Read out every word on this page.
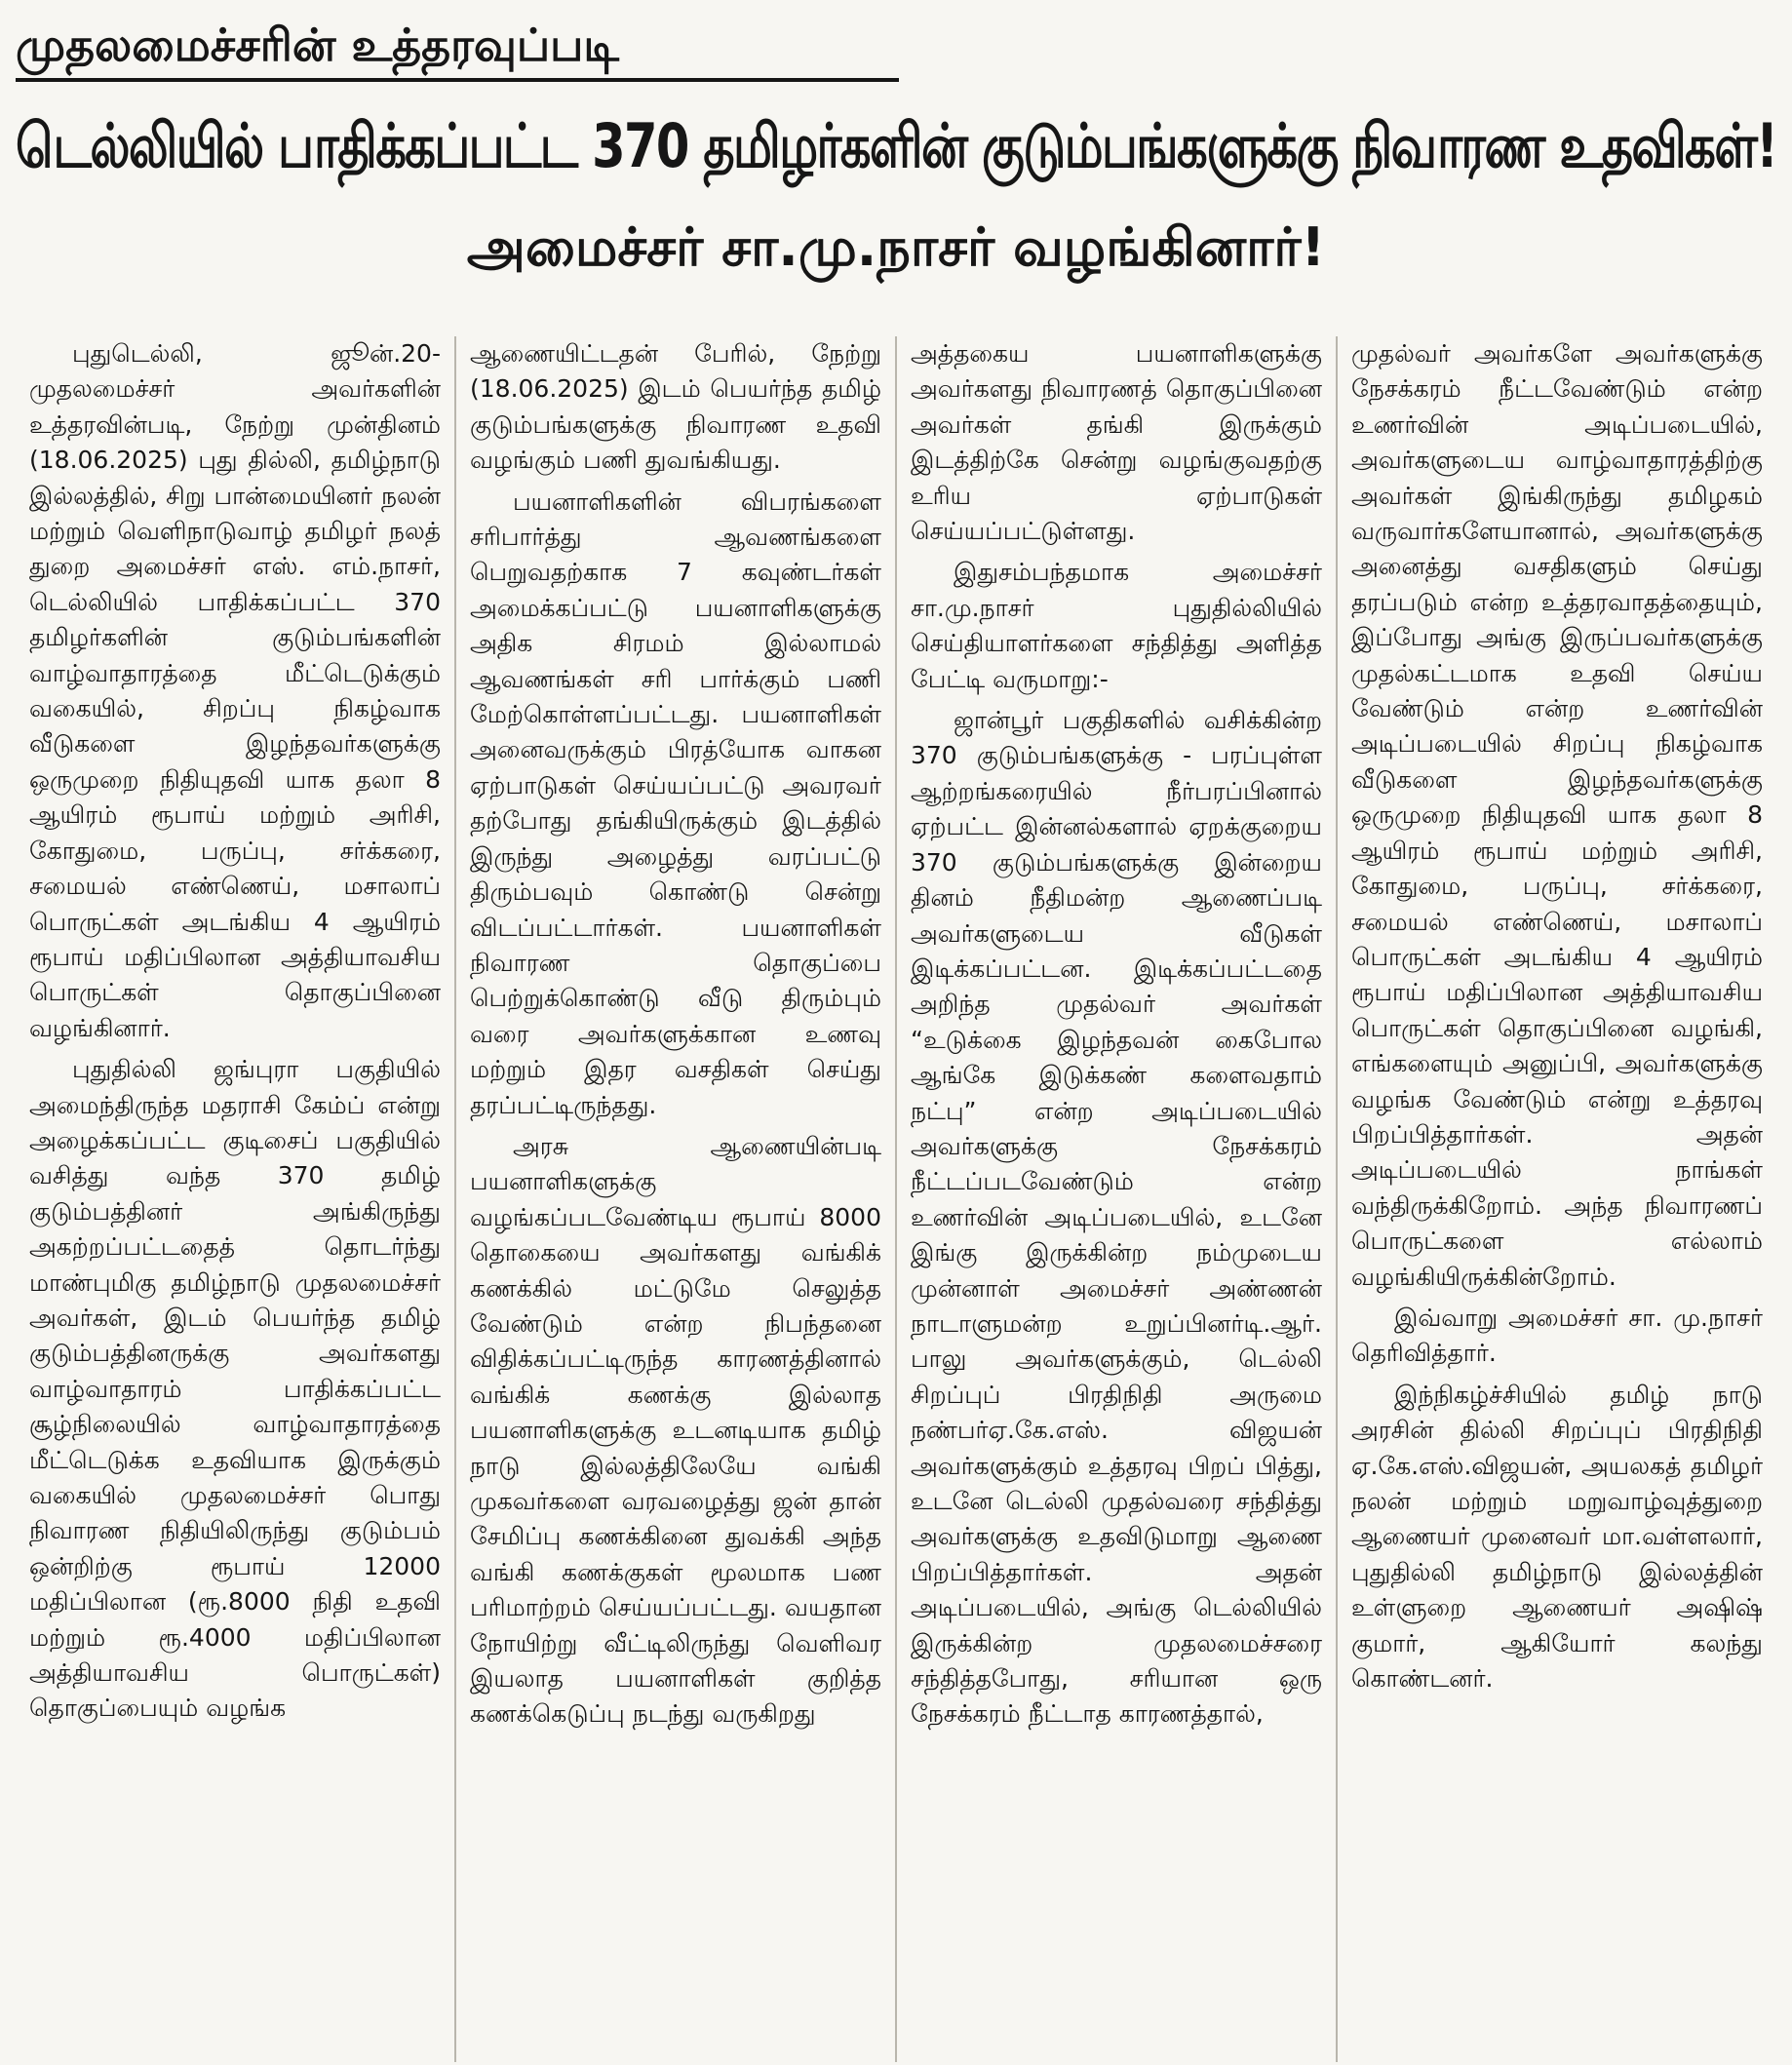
முதலமைச்சரின் உத்தரவுப்படி டெல்லியில் பாதிக்கப்பட்ட 370 தமிழர்களின் குடும்பங்களுக்கு நிவாரண உதவிகள்!
அமைச்சர் சா.மு.நாசர் வழங்கினார்!

புதுடெல்லி, ஜூன்.20- முதலமைச்சர் அவர்களின் உத்தரவின்படி, நேற்று முன்தினம் (18.06.2025) புது தில்லி, தமிழ்நாடு இல்லத்தில், சிறு பான்மையினர் நலன் மற்றும் வெளிநாடுவாழ் தமிழர் நலத் துறை அமைச்சர் எஸ். எம்.நாசர், டெல்லியில் பாதிக்கப்பட்ட 370 தமிழர்களின் குடும்பங்களின் வாழ்வாதாரத்தை மீட்டெடுக்கும் வகையில், சிறப்பு நிகழ்வாக வீடுகளை இழந்தவர்களுக்கு ஒருமுறை நிதியுதவி யாக தலா 8 ஆயிரம் ரூபாய் மற்றும் அரிசி, கோதுமை, பருப்பு, சர்க்கரை, சமையல் எண்ணெய், மசாலாப் பொருட்கள் அடங்கிய 4 ஆயிரம் ரூபாய் மதிப்பிலான அத்தியாவசிய பொருட்கள் தொகுப்பினை வழங்கினார்.

புதுதில்லி ஜங்புரா பகுதியில் அமைந்திருந்த மதராசி கேம்ப் என்று அழைக்கப்பட்ட குடிசைப் பகுதியில் வசித்து வந்த 370 தமிழ் குடும்பத்தினர் அங்கிருந்து அகற்றப்பட்டதைத் தொடர்ந்து மாண்புமிகு தமிழ்நாடு முதலமைச்சர் அவர்கள், இடம் பெயர்ந்த தமிழ் குடும்பத்தினருக்கு அவர்களது வாழ்வாதாரம் பாதிக்கப்பட்ட சூழ்நிலையில் வாழ்வாதாரத்தை மீட்டெடுக்க உதவியாக இருக்கும் வகையில் முதலமைச்சர் பொது நிவாரண நிதியிலிருந்து குடும்பம் ஒன்றிற்கு ரூபாய் 12000 மதிப்பிலான (ரூ.8000 நிதி உதவி மற்றும் ரூ.4000 மதிப்பிலான அத்தியாவசிய பொருட்கள்) தொகுப்பையும் வழங்க

ஆணையிட்டதன் பேரில், நேற்று (18.06.2025) இடம் பெயர்ந்த தமிழ் குடும்பங்களுக்கு நிவாரண உதவி வழங்கும் பணி துவங்கியது.

பயனாளிகளின் விபரங்களை சரிபார்த்து ஆவணங்களை பெறுவதற்காக 7 கவுண்டர்கள் அமைக்கப்பட்டு பயனாளிகளுக்கு அதிக சிரமம் இல்லாமல் ஆவணங்கள் சரி பார்க்கும் பணி மேற்கொள்ளப்பட்டது. பயனாளிகள் அனைவருக்கும் பிரத்யோக வாகன ஏற்பாடுகள் செய்யப்பட்டு அவரவர் தற்போது தங்கியிருக்கும் இடத்தில் இருந்து அழைத்து வரப்பட்டு திரும்பவும் கொண்டு சென்று விடப்பட்டார்கள். பயனாளிகள் நிவாரண தொகுப்பை பெற்றுக்கொண்டு வீடு திரும்பும் வரை அவர்களுக்கான உணவு மற்றும் இதர வசதிகள் செய்து தரப்பட்டிருந்தது.

அரசு ஆணையின்படி பயனாளிகளுக்கு வழங்கப்படவேண்டிய ரூபாய் 8000 தொகையை அவர்களது வங்கிக் கணக்கில் மட்டுமே செலுத்த வேண்டும் என்ற நிபந்தனை விதிக்கப்பட்டிருந்த காரணத்தினால் வங்கிக் கணக்கு இல்லாத பயனாளிகளுக்கு உடனடியாக தமிழ் நாடு இல்லத்திலேயே வங்கி முகவர்களை வரவழைத்து ஜன் தான் சேமிப்பு கணக்கினை துவக்கி அந்த வங்கி கணக்குகள் மூலமாக பண பரிமாற்றம் செய்யப்பட்டது. வயதான நோயிற்று வீட்டிலிருந்து வெளிவர இயலாத பயனாளிகள் குறித்த கணக்கெடுப்பு நடந்து வருகிறது

அத்தகைய பயனாளிகளுக்கு அவர்களது நிவாரணத் தொகுப்பினை அவர்கள் தங்கி இருக்கும் இடத்திற்கே சென்று வழங்குவதற்கு உரிய ஏற்பாடுகள் செய்யப்பட்டுள்ளது.

இதுசம்பந்தமாக அமைச்சர் சா.மு.நாசர் புதுதில்லியில் செய்தியாளர்களை சந்தித்து அளித்த பேட்டி வருமாறு:-

ஜான்பூர் பகுதிகளில் வசிக்கின்ற 370 குடும்பங்களுக்கு - பரப்புள்ள ஆற்றங்கரையில் நீர்பரப்பினால் ஏற்பட்ட இன்னல்களால் ஏறக்குறைய 370 குடும்பங்களுக்கு இன்றைய தினம் நீதிமன்ற ஆணைப்படி அவர்களுடைய வீடுகள் இடிக்கப்பட்டன. இடிக்கப்பட்டதை அறிந்த முதல்வர் அவர்கள் “உடுக்கை இழந்தவன் கைபோல ஆங்கே இடுக்கண் களைவதாம் நட்பு” என்ற அடிப்படையில் அவர்களுக்கு நேசக்கரம் நீட்டப்படவேண்டும் என்ற உணர்வின் அடிப்படையில், உடனே இங்கு இருக்கின்ற நம்முடைய முன்னாள் அமைச்சர் அண்ணன் நாடாளுமன்ற உறுப்பினர்டி.ஆர். பாலு அவர்களுக்கும், டெல்லி சிறப்புப் பிரதிநிதி அருமை நண்பர்ஏ.கே.எஸ். விஜயன் அவர்களுக்கும் உத்தரவு பிறப் பித்து, உடனே டெல்லி முதல்வரை சந்தித்து அவர்களுக்கு உதவிடுமாறு ஆணை பிறப்பித்தார்கள். அதன் அடிப்படையில், அங்கு டெல்லியில் இருக்கின்ற முதலமைச்சரை சந்தித்தபோது, சரியான ஒரு நேசக்கரம் நீட்டாத காரணத்தால்,

முதல்வர் அவர்களே அவர்களுக்கு நேசக்கரம் நீட்டவேண்டும் என்ற உணர்வின் அடிப்படையில், அவர்களுடைய வாழ்வாதாரத்திற்கு அவர்கள் இங்கிருந்து தமிழகம் வருவார்களேயானால், அவர்களுக்கு அனைத்து வசதிகளும் செய்து தரப்படும் என்ற உத்தரவாதத்தையும், இப்போது அங்கு இருப்பவர்களுக்கு முதல்கட்டமாக உதவி செய்ய வேண்டும் என்ற உணர்வின் அடிப்படையில் சிறப்பு நிகழ்வாக வீடுகளை இழந்தவர்களுக்கு ஒருமுறை நிதியுதவி யாக தலா 8 ஆயிரம் ரூபாய் மற்றும் அரிசி, கோதுமை, பருப்பு, சர்க்கரை, சமையல் எண்ணெய், மசாலாப் பொருட்கள் அடங்கிய 4 ஆயிரம் ரூபாய் மதிப்பிலான அத்தியாவசிய பொருட்கள் தொகுப்பினை வழங்கி, எங்களையும் அனுப்பி, அவர்களுக்கு வழங்க வேண்டும் என்று உத்தரவு பிறப்பித்தார்கள். அதன் அடிப்படையில் நாங்கள் வந்திருக்கிறோம். அந்த நிவாரணப் பொருட்களை எல்லாம் வழங்கியிருக்கின்றோம்.

இவ்வாறு அமைச்சர் சா. மு.நாசர் தெரிவித்தார்.

இந்நிகழ்ச்சியில் தமிழ் நாடு அரசின் தில்லி சிறப்புப் பிரதிநிதி ஏ.கே.எஸ்.விஜயன், அயலகத் தமிழர் நலன் மற்றும் மறுவாழ்வுத்துறை ஆணையர் முனைவர் மா.வள்ளலார், புதுதில்லி தமிழ்நாடு இல்லத்தின் உள்ளுறை ஆணையர் அஷிஷ் குமார், ஆகியோர் கலந்து கொண்டனர்.
